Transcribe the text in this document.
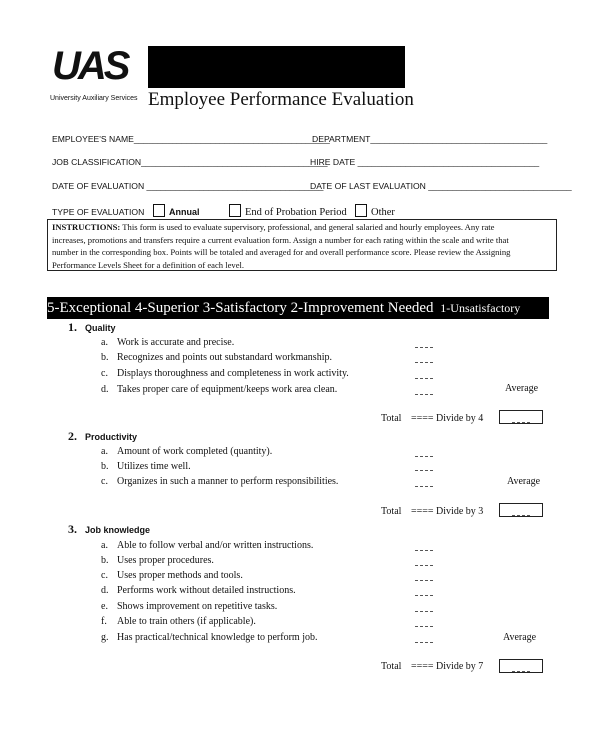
UAS
University Auxiliary Services Employee Performance Evaluation
EMPLOYEE'S NAME_________________________________________
DEPARTMENT_____________________________________
JOB CLASSIFICATION_______________________________________
HIRE DATE ______________________________________
DATE OF EVALUATION _____________________________________
DATE OF LAST EVALUATION ______________________________
TYPE OF EVALUATION	Annual	End of Probation Period	Other
INSTRUCTIONS: This form is used to evaluate supervisory, professional, and general salaried and hourly employees. Any rate
increases, promotions and transfers require a current evaluation form. Assign a number for each rating within the scale and write that
number in the corresponding box. Points will be totaled and averaged for and overall performance score. Please review the Assigning
Performance Levels Sheet for a definition of each level.
5-Exceptional 4-Superior 3-Satisfactory 2-Improvement Needed 1-Unsatisfactory
1. Quality
a. Work is accurate and precise.
b. Recognizes and points out substandard workmanship.
c. Displays thoroughness and completeness in work activity.
d. Takes proper care of equipment/keeps work area clean.	Average
Total ==== Divide by 4
2. Productivity
a. Amount of work completed (quantity).
b. Utilizes time well.
c. Organizes in such a manner to perform responsibilities.	Average
Total ==== Divide by 3
3. Job knowledge
a. Able to follow verbal and/or written instructions.
b. Uses proper procedures.
c. Uses proper methods and tools.
d. Performs work without detailed instructions.
e. Shows improvement on repetitive tasks.
f. Able to train others (if applicable).
g. Has practical/technical knowledge to perform job.	Average
Total ==== Divide by 7
